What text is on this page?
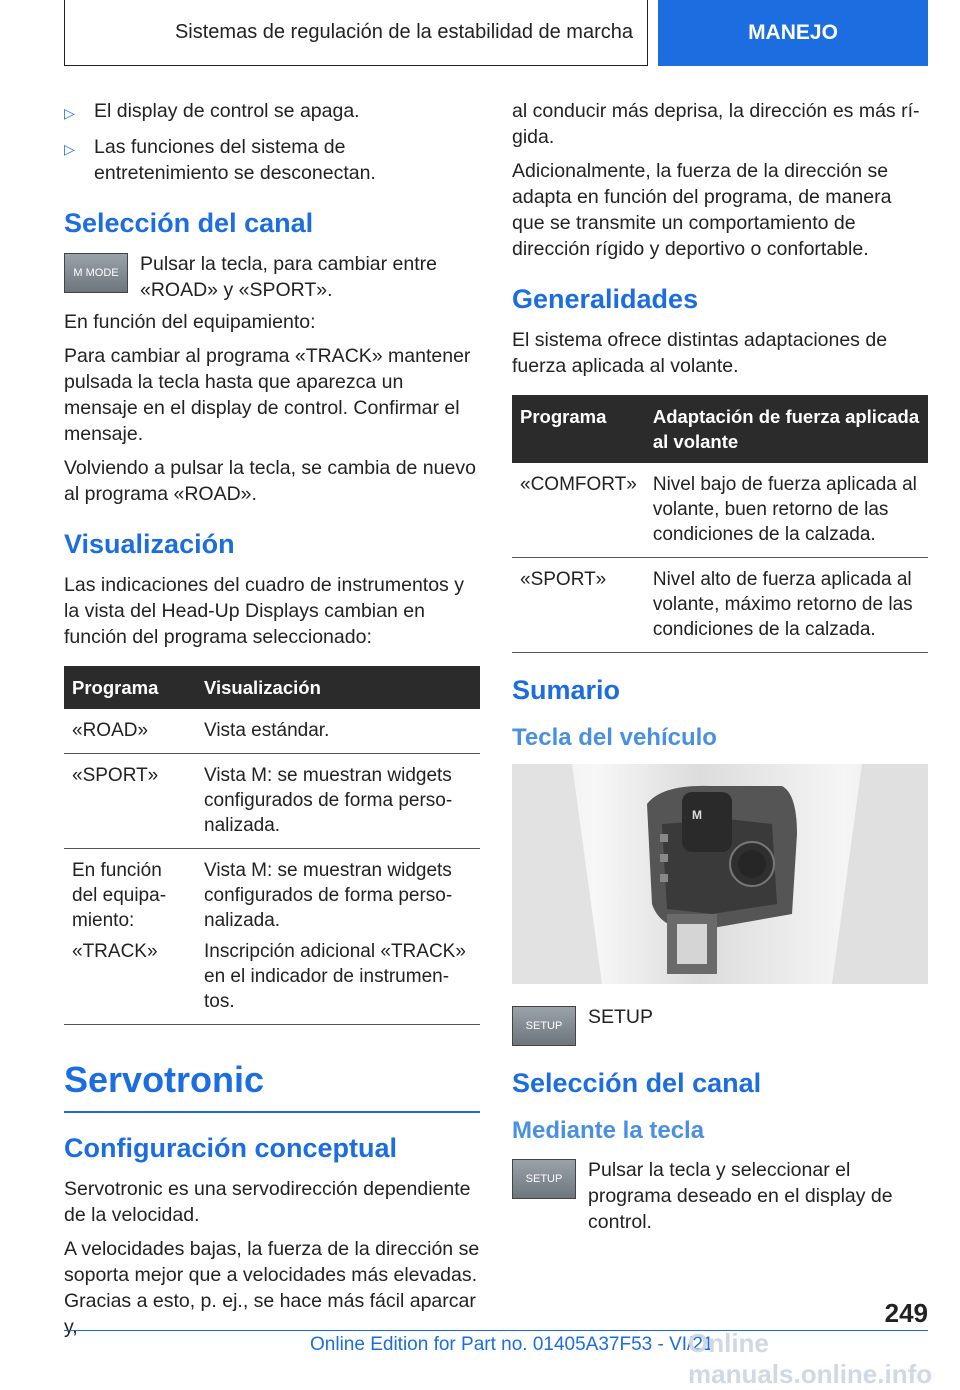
Sistemas de regulación de la estabilidad de marcha	MANEJO
▷ El display de control se apaga.
▷ Las funciones del sistema de entretenimiento se desconectan.
Selección del canal
M MODE	Pulsar la tecla, para cambiar entre «ROAD» y «SPORT».

En función del equipamiento:

Para cambiar al programa «TRACK» mantener pulsada la tecla hasta que aparezca un mensaje en el display de control. Confirmar el mensaje.

Volviendo a pulsar la tecla, se cambia de nuevo al programa «ROAD».

Visualización

Las indicaciones del cuadro de instrumentos y la vista del Head-Up Displays cambian en función del programa seleccionado:

Programa	Visualización
«ROAD»	Vista estándar.
«SPORT»	Vista M: se muestran widgets configurados de forma personalizada.
En función del equipamiento:	Vista M: se muestran widgets configurados de forma personalizada.
«TRACK»	Inscripción adicional «TRACK» en el indicador de instrumentos.
Servotronic
Configuración conceptual

Servotronic es una servodirección dependiente de la velocidad.

A velocidades bajas, la fuerza de la dirección se soporta mejor que a velocidades más elevadas. Gracias a esto, p. ej., se hace más fácil aparcar y,

al conducir más deprisa, la dirección es más rígida.

Adicionalmente, la fuerza de la dirección se adapta en función del programa, de manera que se transmite un comportamiento de dirección rígido y deportivo o confortable.

Generalidades

El sistema ofrece distintas adaptaciones de fuerza aplicada al volante.

Programa	Adaptación de fuerza aplicada al volante
«COMFORT»	Nivel bajo de fuerza aplicada al volante, buen retorno de las condiciones de la calzada.
«SPORT»	Nivel alto de fuerza aplicada al volante, máximo retorno de las condiciones de la calzada.
Sumario
Tecla del vehículo
M
SETUP	SETUP
Selección del canal
Mediante la tecla
SETUP	Pulsar la tecla y seleccionar el programa deseado en el display de control.
249
Online Edition for Part no. 01405A37F53 - VI/21
Online manuals.online.info
